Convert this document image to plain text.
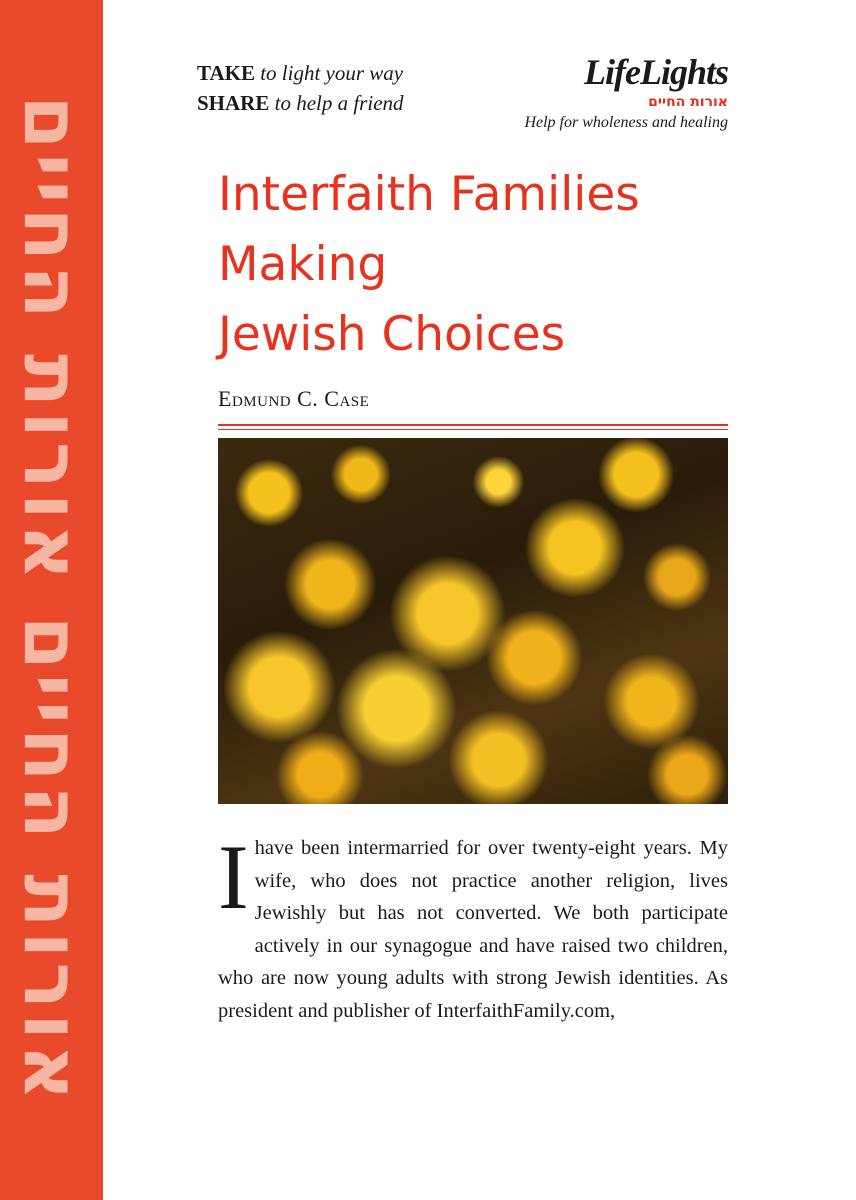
אורות החיים אורות החיים
TAKE to light your way
SHARE to help a friend
LifeLights
אורות החיים
Help for wholeness and healing
Interfaith Families
Making
Jewish Choices
Edmund C. Case
Ihave been intermarried for over twenty-eight years. My wife, who does not practice another religion, lives Jewishly but has not converted. We both participate actively in our synagogue and have raised two children, who are now young adults with strong Jewish identities. As president and publisher of InterfaithFamily.com,
